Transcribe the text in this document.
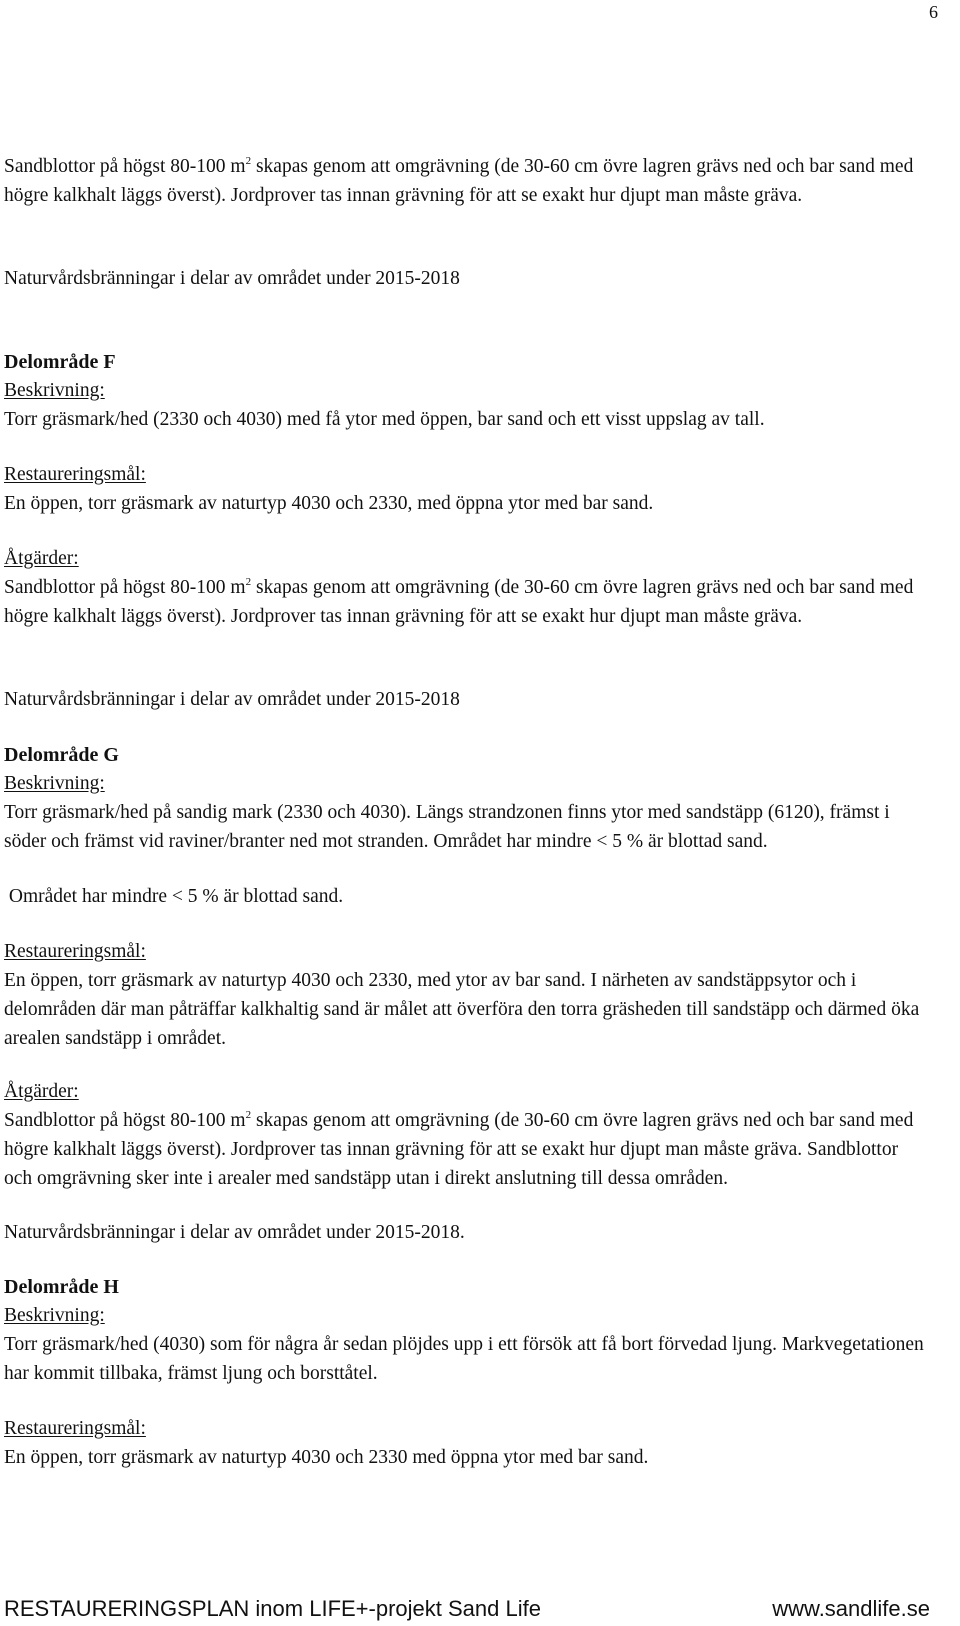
6

Sandblottor på högst 80-100 $m^2$ skapas genom att omgrävning (de 30-60 cm övre lagren grävs ned och bar sand med högre kalkhalt läggs överst). Jordprover tas innan grävning för att se exakt hur djupt man måste gräva.

Naturvårdsbränningar i delar av området under 2015-2018

Delområde F

Beskrivning:

Torr gräsmark/hed (2330 och 4030) med få ytor med öppen, bar sand och ett visst uppslag av tall.

Restaureringsmål:

En öppen, torr gräsmark av naturtyp 4030 och 2330, med öppna ytor med bar sand.

Åtgärder:

Sandblottor på högst 80-100 $m^2$ skapas genom att omgrävning (de 30-60 cm övre lagren grävs ned och bar sand med högre kalkhalt läggs överst). Jordprover tas innan grävning för att se exakt hur djupt man måste gräva.

Naturvårdsbränningar i delar av området under 2015-2018

Delområde G

Beskrivning:

Torr gräsmark/hed på sandig mark (2330 och 4030). Längs strandzonen finns ytor med sandstäpp (6120), främst i söder och främst vid raviner/branter ned mot stranden. Området har mindre < 5 % är blottad sand.

Området har mindre < 5 % är blottad sand.

Restaureringsmål:

En öppen, torr gräsmark av naturtyp 4030 och 2330, med ytor av bar sand. I närheten av sandstäppsytor och i delområden där man påträffar kalkhaltig sand är målet att överföra den torra gräsheden till sandstäpp och därmed öka arealen sandstäpp i området.

Åtgärder:

Sandblottor på högst 80-100 $m^2$ skapas genom att omgrävning (de 30-60 cm övre lagren grävs ned och bar sand med högre kalkhalt läggs överst). Jordprover tas innan grävning för att se exakt hur djupt man måste gräva. Sandblottor och omgrävning sker inte i arealer med sandstäpp utan i direkt anslutning till dessa områden.

Naturvårdsbränningar i delar av området under 2015-2018.

Delområde H

Beskrivning:

Torr gräsmark/hed (4030) som för några år sedan plöjdes upp i ett försök att få bort förvedad ljung. Markvegetationen har kommit tillbaka, främst ljung och borsttåtel.

Restaureringsmål:

En öppen, torr gräsmark av naturtyp 4030 och 2330 med öppna ytor med bar sand.

RESTAURERINGSPLAN inom LIFE+-projekt Sand Life	www.sandlife.se
